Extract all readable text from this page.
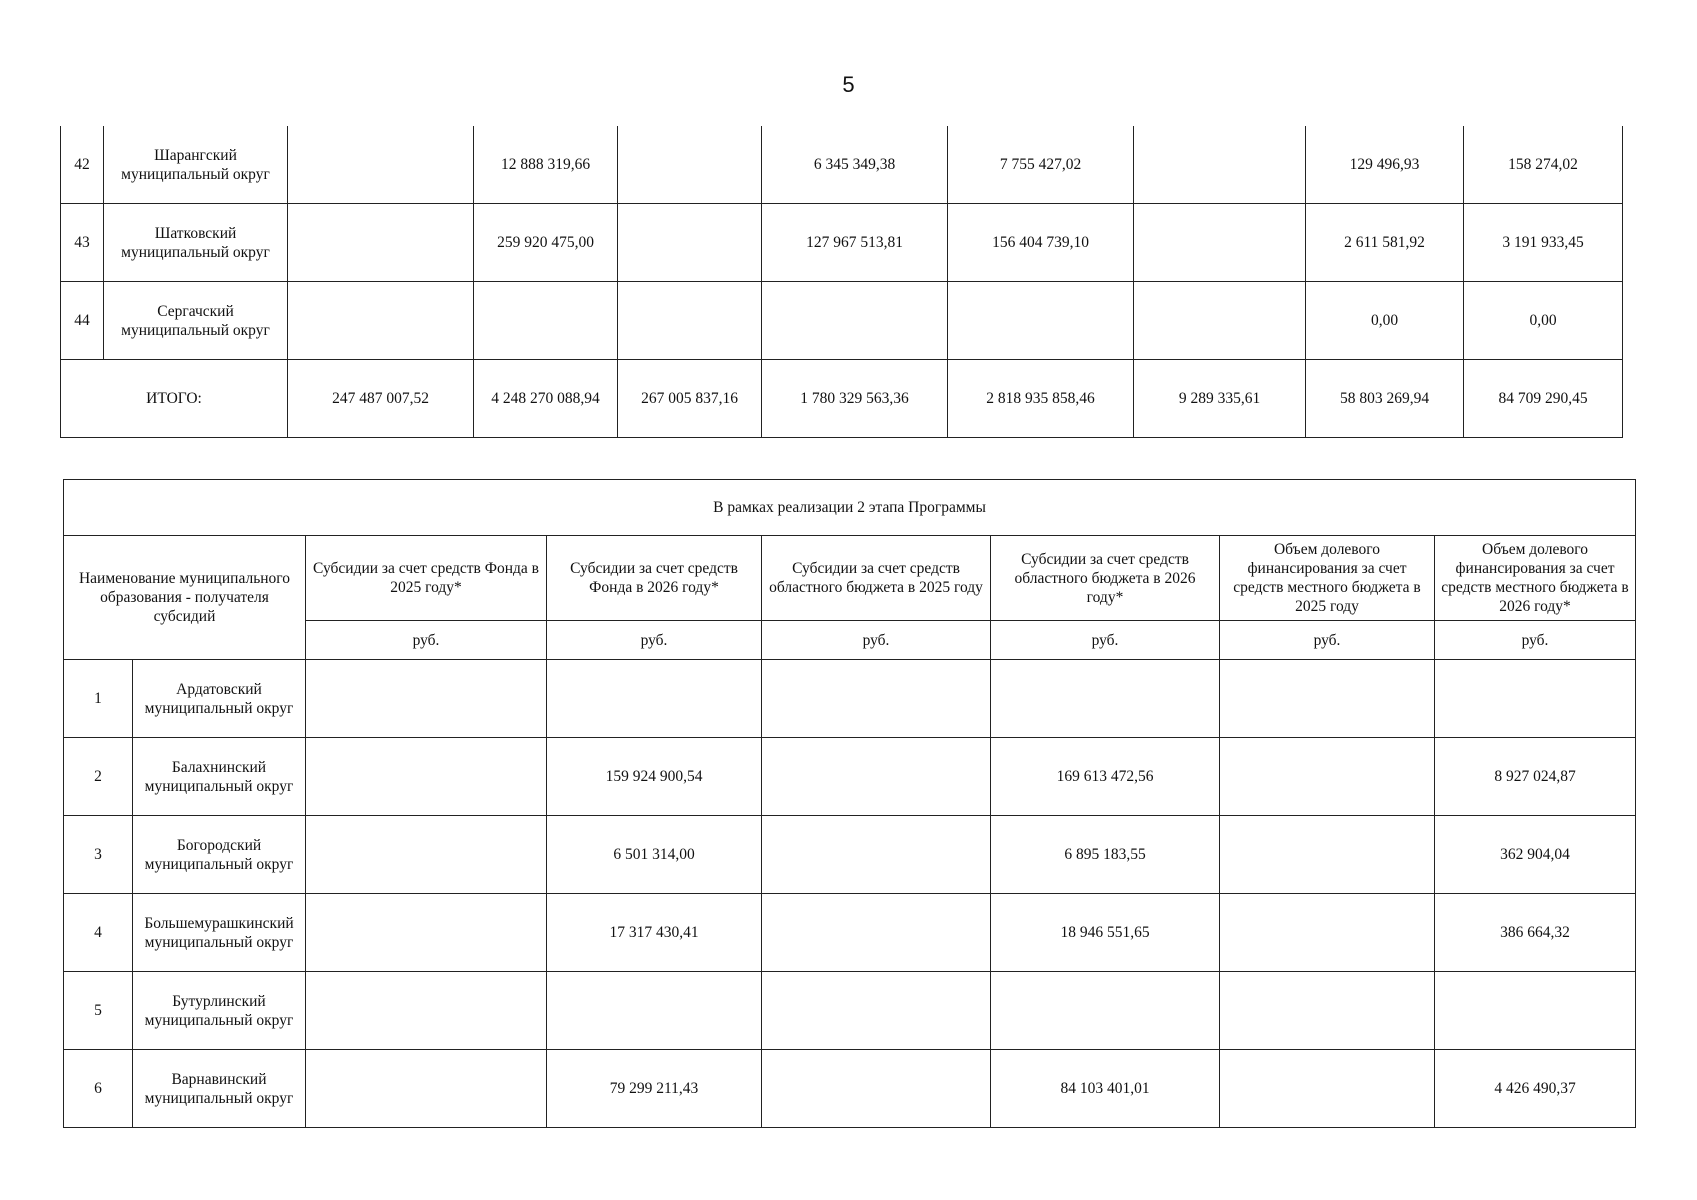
5
42	Шарангский муниципальный округ		12 888 319,66		6 345 349,38	7 755 427,02		129 496,93	158 274,02
43	Шатковский муниципальный округ		259 920 475,00		127 967 513,81	156 404 739,10		2 611 581,92	3 191 933,45
44	Сергачский муниципальный округ							0,00	0,00
ИТОГО:		247 487 007,52	4 248 270 088,94	267 005 837,16	1 780 329 563,36	2 818 935 858,46	9 289 335,61	58 803 269,94	84 709 290,45
В рамках реализации 2 этапа Программы							
Наименование муниципального образования - получателя субсидий		Субсидии за счет средств Фонда в 2025 году*	Субсидии за счет средств Фонда в 2026 году*	Субсидии за счет средств областного бюджета в 2025 году	Субсидии за счет средств областного бюджета в 2026 году*	Объем долевого финансирования за счет средств местного бюджета в 2025 году	Объем долевого финансирования за счет средств местного бюджета в 2026 году*
		руб.	руб.	руб.	руб.	руб.	руб.
1	Ардатовский муниципальный округ						
2	Балахнинский муниципальный округ		159 924 900,54		169 613 472,56		8 927 024,87
3	Богородский муниципальный округ		6 501 314,00		6 895 183,55		362 904,04
4	Большемурашкинский муниципальный округ		17 317 430,41		18 946 551,65		386 664,32
5	Бутурлинский муниципальный округ						
6	Варнавинский муниципальный округ		79 299 211,43		84 103 401,01		4 426 490,37
